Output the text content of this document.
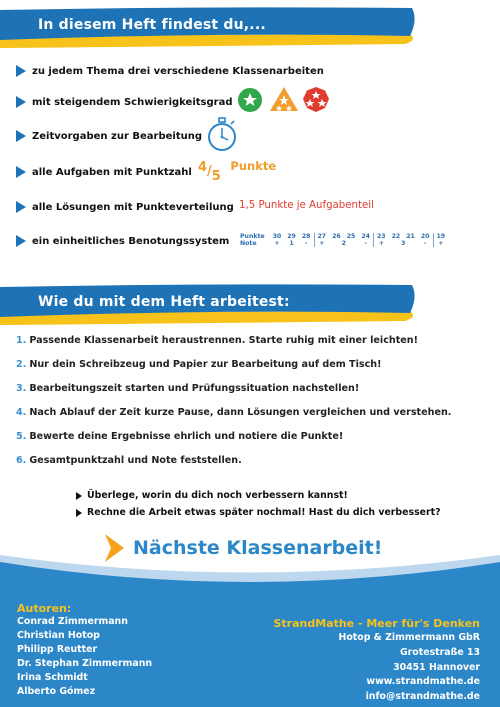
In diesem Heft findest du,...
zu jedem Thema drei verschiedene Klassenarbeiten
mit steigendem Schwierigkeitsgrad
Zeitvorgaben zur Bearbeitung
alle Aufgaben mit Punktzahl $^4/_5$ $^{Punkte}$
alle Lösungen mit Punkteverteilung 1,5 Punkte je Aufgabenteil
ein einheitliches Benotungssystem Punkte	30	29	28	27	26	25	24	23	22	21	20	19
Note	+	1	-	+	2		-	+	3		-	+
Wie du mit dem Heft arbeitest:
1. Passende Klassenarbeit heraustrennen. Starte ruhig mit einer leichten!
2. Nur dein Schreibzeug und Papier zur Bearbeitung auf dem Tisch!
3. Bearbeitungszeit starten und Prüfungssituation nachstellen!
4. Nach Ablauf der Zeit kurze Pause, dann Lösungen vergleichen und verstehen.
5. Bewerte deine Ergebnisse ehrlich und notiere die Punkte!
6. Gesamtpunktzahl und Note feststellen.
Überlege, worin du dich noch verbessern kannst!
Rechne die Arbeit etwas später nochmal! Hast du dich verbessert?
Nächste Klassenarbeit!
Autoren:
Conrad Zimmermann
Christian Hotop
Philipp Reutter
Dr. Stephan Zimmermann
Irina Schmidt
Alberto Gómez
StrandMathe - Meer für's Denken
Hotop & Zimmermann GbR
Grotestraße 13
30451 Hannover
www.strandmathe.de
info@strandmathe.de
